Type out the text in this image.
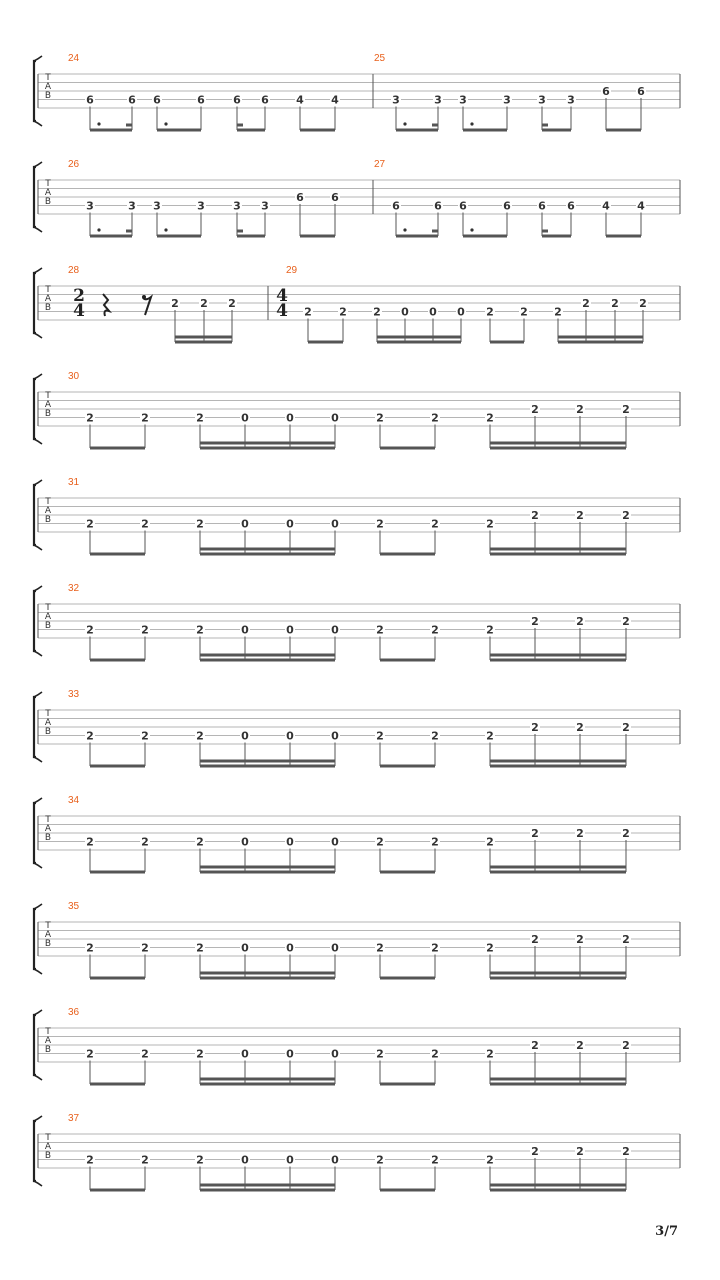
T
A
B
24
6	6 6	6	6 6 4 4
25
3	3 3	3 3 3
6 6
T
A
B
26
3	3 3	3	3 3
6 6
27
6	6 6	6 6 6 4 4
T
A
B
28
2
4	2 2 2
29
4
4 2 2 2 0 0 0 2 2 2
2 2 2
T
A
B
30
2	2	2	0	0	0	2	2	2
2	2	2
T
A
B
31
2	2	2	0	0	0	2	2	2
2	2	2
T
A
B
32
2	2	2	0	0	0	2	2	2
2	2	2
T
A
B
33
2	2	2	0	0	0	2	2	2
2	2	2
T
A
B
34
2	2	2	0	0	0	2	2	2
2	2	2
T
A
B
35
2	2	2	0	0	0	2	2	2
2	2	2
T
A
B
36
2	2	2	0	0	0	2	2	2
2	2	2
T
A
B
37
2	2	2	0	0	0	2	2	2
2	2	2
3/7
